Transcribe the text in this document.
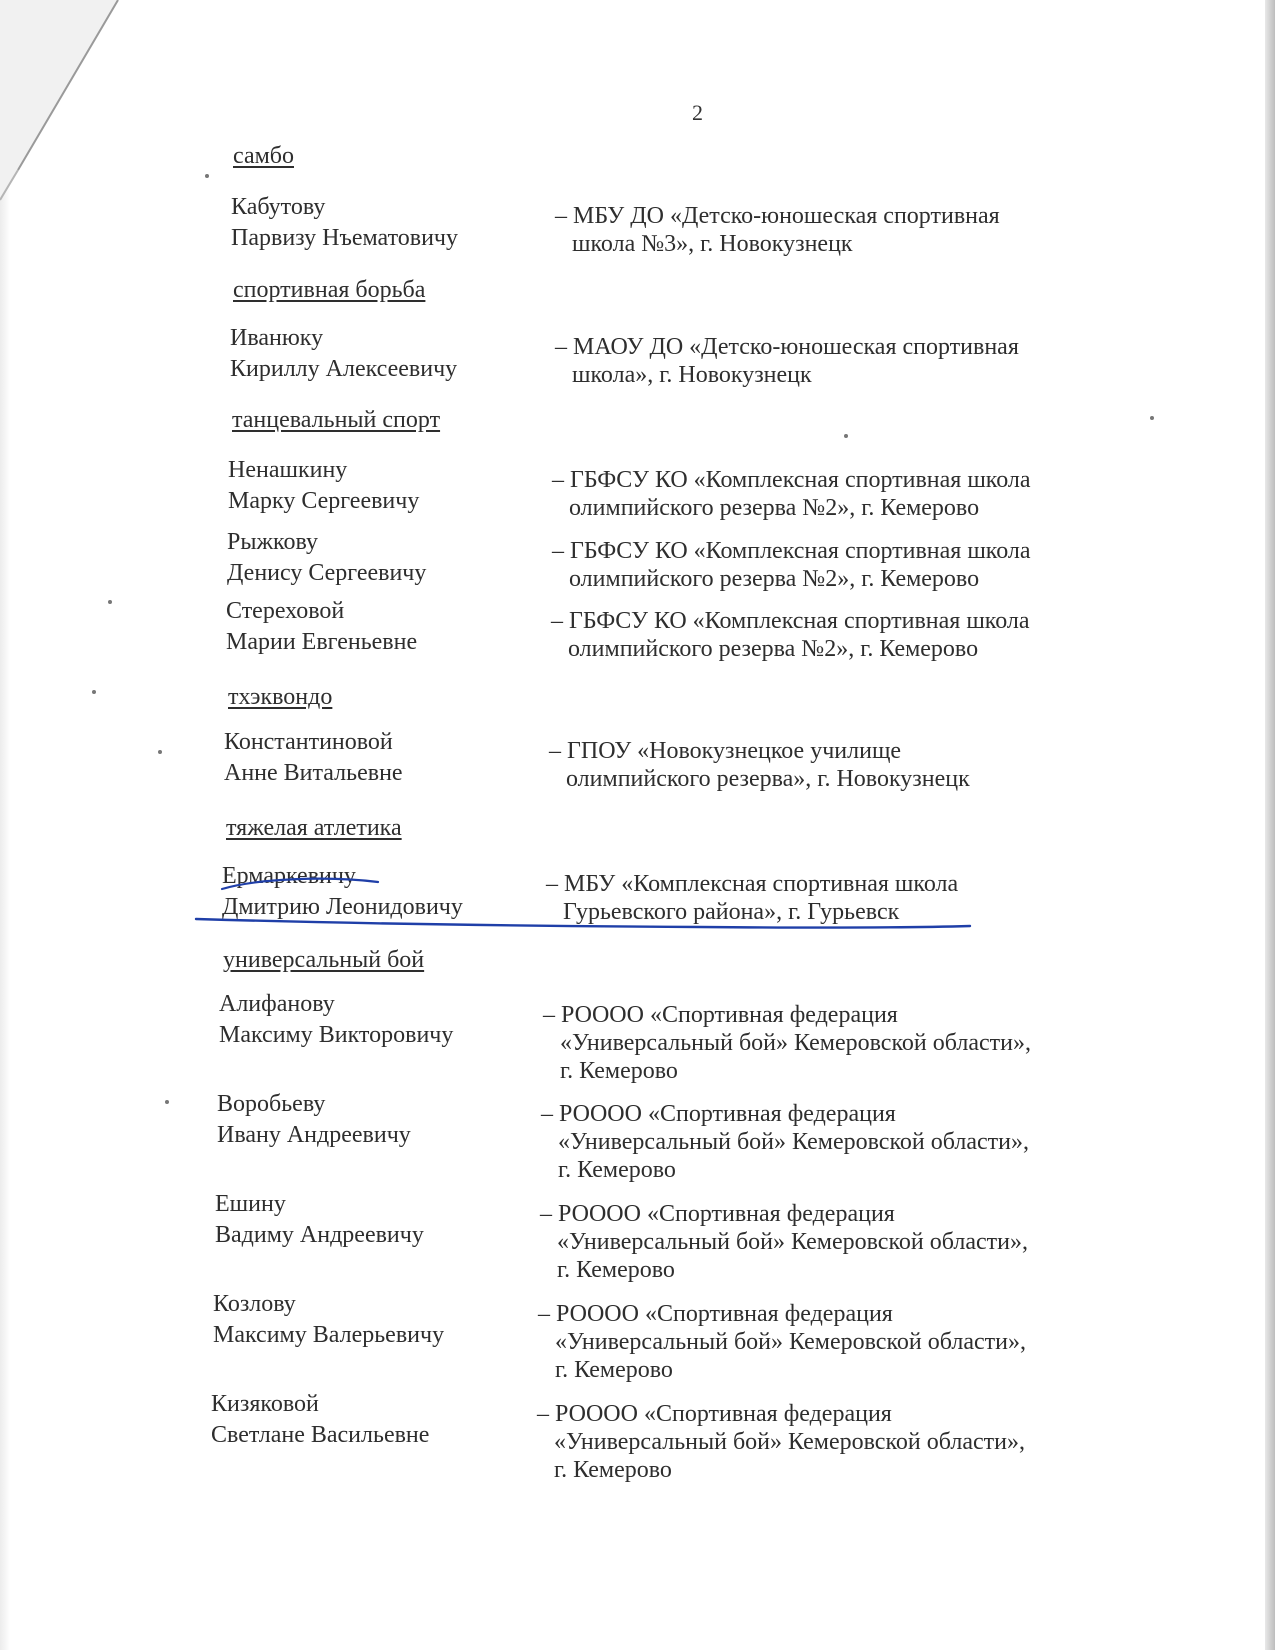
2
самбо
Кабутову
Парвизу Нъематовичу
– МБУ ДО «Детско-юношеская спортивная
школа №3», г. Новокузнецк
спортивная борьба
Иванюку
Кириллу Алексеевичу
– МАОУ ДО «Детско-юношеская спортивная
школа», г. Новокузнецк
танцевальный спорт
Ненашкину
Марку Сергеевичу
– ГБФСУ КО «Комплексная спортивная школа
олимпийского резерва №2», г. Кемерово
Рыжкову
Денису Сергеевичу
– ГБФСУ КО «Комплексная спортивная школа
олимпийского резерва №2», г. Кемерово
Стереховой
Марии Евгеньевне
– ГБФСУ КО «Комплексная спортивная школа
олимпийского резерва №2», г. Кемерово
тхэквондо
Константиновой
Анне Витальевне
– ГПОУ «Новокузнецкое училище
олимпийского резерва», г. Новокузнецк
тяжелая атлетика
Ермаркевичу
Дмитрию Леонидовичу
– МБУ «Комплексная спортивная школа
Гурьевского района», г. Гурьевск
универсальный бой
Алифанову
Максиму Викторовичу
– РОООО «Спортивная федерация
«Универсальный бой» Кемеровской области»,
г. Кемерово
Воробьеву
Ивану Андреевичу
– РОООО «Спортивная федерация
«Универсальный бой» Кемеровской области»,
г. Кемерово
Ешину
Вадиму Андреевичу
– РОООО «Спортивная федерация
«Универсальный бой» Кемеровской области»,
г. Кемерово
Козлову
Максиму Валерьевичу
– РОООО «Спортивная федерация
«Универсальный бой» Кемеровской области»,
г. Кемерово
Кизяковой
Светлане Васильевне
– РОООО «Спортивная федерация
«Универсальный бой» Кемеровской области»,
г. Кемерово
